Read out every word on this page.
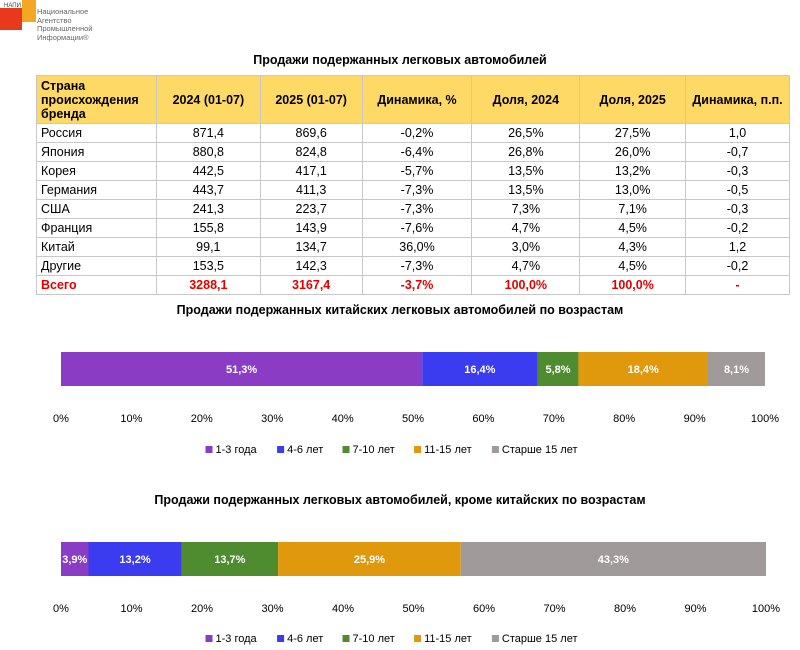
НАПИ
Национальное
Агентство
Промышленной
Информации®
Продажи подержанных легковых автомобилей
Страна происхождения бренда	2024 (01-07)	2025 (01-07)	Динамика, %	Доля, 2024	Доля, 2025	Динамика, п.п.
Россия	871,4	869,6	-0,2%	26,5%	27,5%	1,0
Япония	880,8	824,8	-6,4%	26,8%	26,0%	-0,7
Корея	442,5	417,1	-5,7%	13,5%	13,2%	-0,3
Германия	443,7	411,3	-7,3%	13,5%	13,0%	-0,5
США	241,3	223,7	-7,3%	7,3%	7,1%	-0,3
Франция	155,8	143,9	-7,6%	4,7%	4,5%	-0,2
Китай	99,1	134,7	36,0%	3,0%	4,3%	1,2
Другие	153,5	142,3	-7,3%	4,7%	4,5%	-0,2
Всего	3288,1	3167,4	-3,7%	100,0%	100,0%	-
Продажи подержанных китайских легковых автомобилей по возрастам
51,3%	16,4%	5,8%	18,4%	8,1%
0%	10%	20%	30%	40%	50%	60%	70%	80%	90%	100%
1-3 года	4-6 лет	7-10 лет	11-15 лет	Старше 15 лет
Продажи подержанных легковых автомобилей, кроме китайских по возрастам
3,9%	13,2%	13,7%	25,9%	43,3%
0%	10%	20%	30%	40%	50%	60%	70%	80%	90%	100%
1-3 года	4-6 лет	7-10 лет	11-15 лет	Старше 15 лет
